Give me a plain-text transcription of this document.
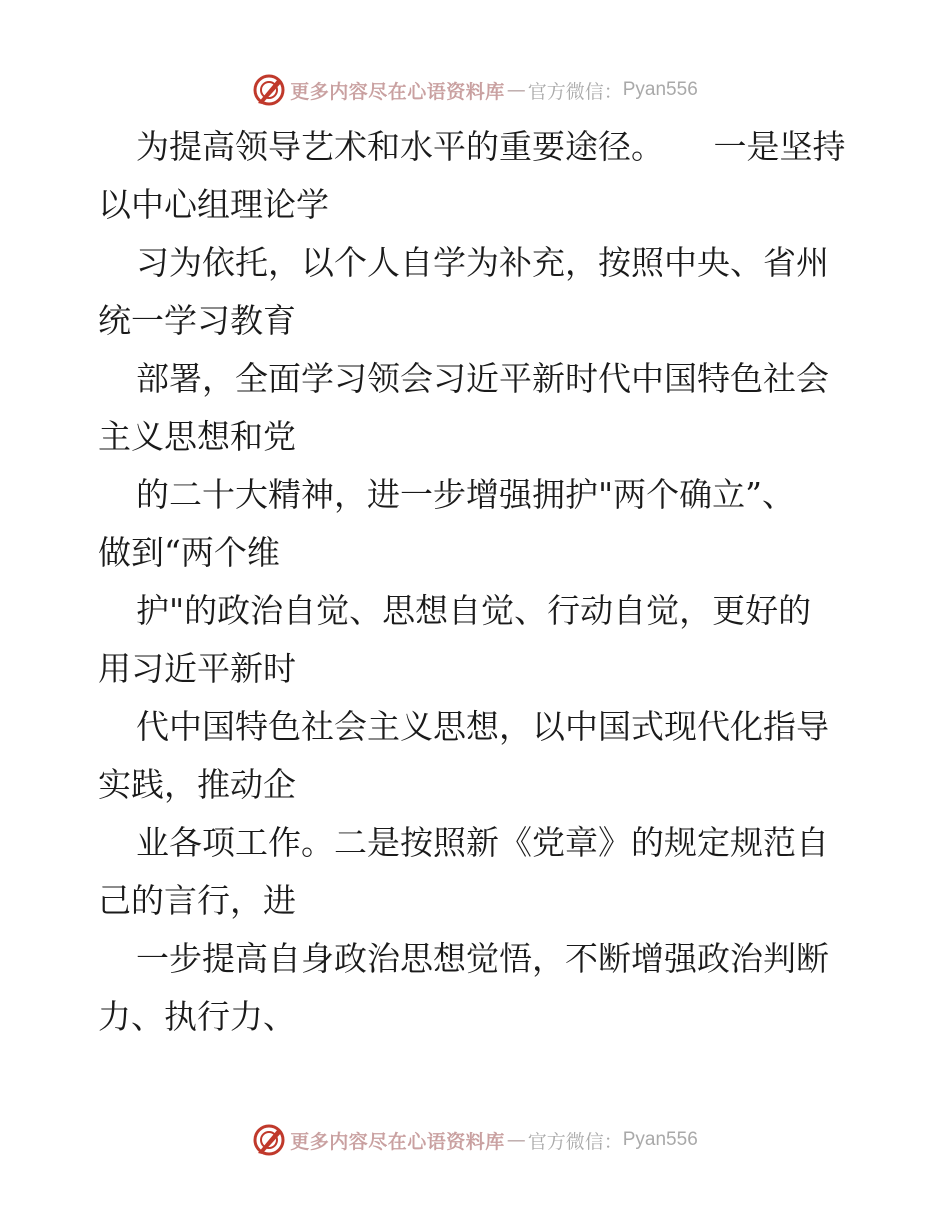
更多内容尽在心语资料库 — 官方微信： Pyan556
为提高领导艺术和水平的重要途径。　　一是坚持
以中心组理论学
习为依托，以个人自学为补充，按照中央、省州
统一学习教育
部署，全面学习领会习近平新时代中国特色社会
主义思想和党
的二十大精神，进一步增强拥护"两个确立”、
做到“两个维
护"的政治自觉、思想自觉、行动自觉，更好的
用习近平新时
代中国特色社会主义思想，以中国式现代化指导
实践，推动企
业各项工作。二是按照新《党章》的规定规范自
己的言行，进
一步提高自身政治思想觉悟，不断增强政治判断
力、执行力、
更多内容尽在心语资料库 — 官方微信： Pyan556
